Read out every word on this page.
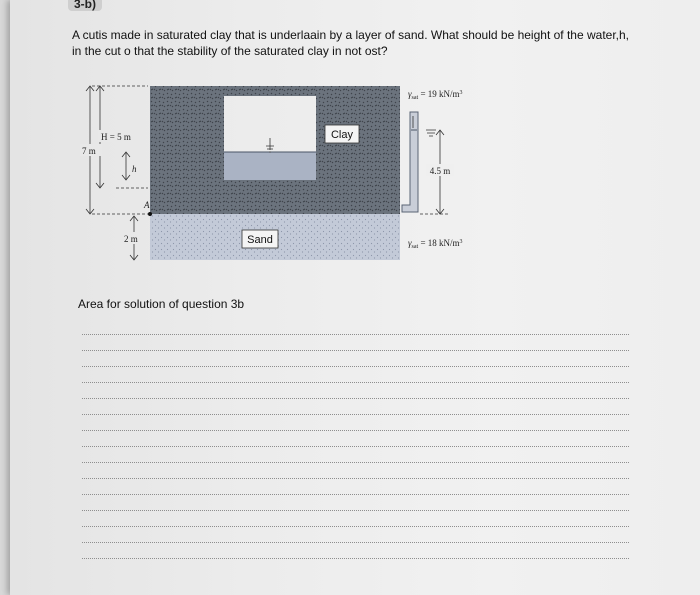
3-b)
A cutis made in saturated clay that is underlaain by a layer of sand. What should be height of the water,h,
in the cut o that the stability of the saturated clay in not ost?
Clay
Sand
4.5 m
$\gamma_{sat} = 19$ $kN/m^3$
$\gamma_{sat} = 18$ $kN/m^3$
H = 5 m
7 m
h
A
2 m
Area for solution of question 3b
